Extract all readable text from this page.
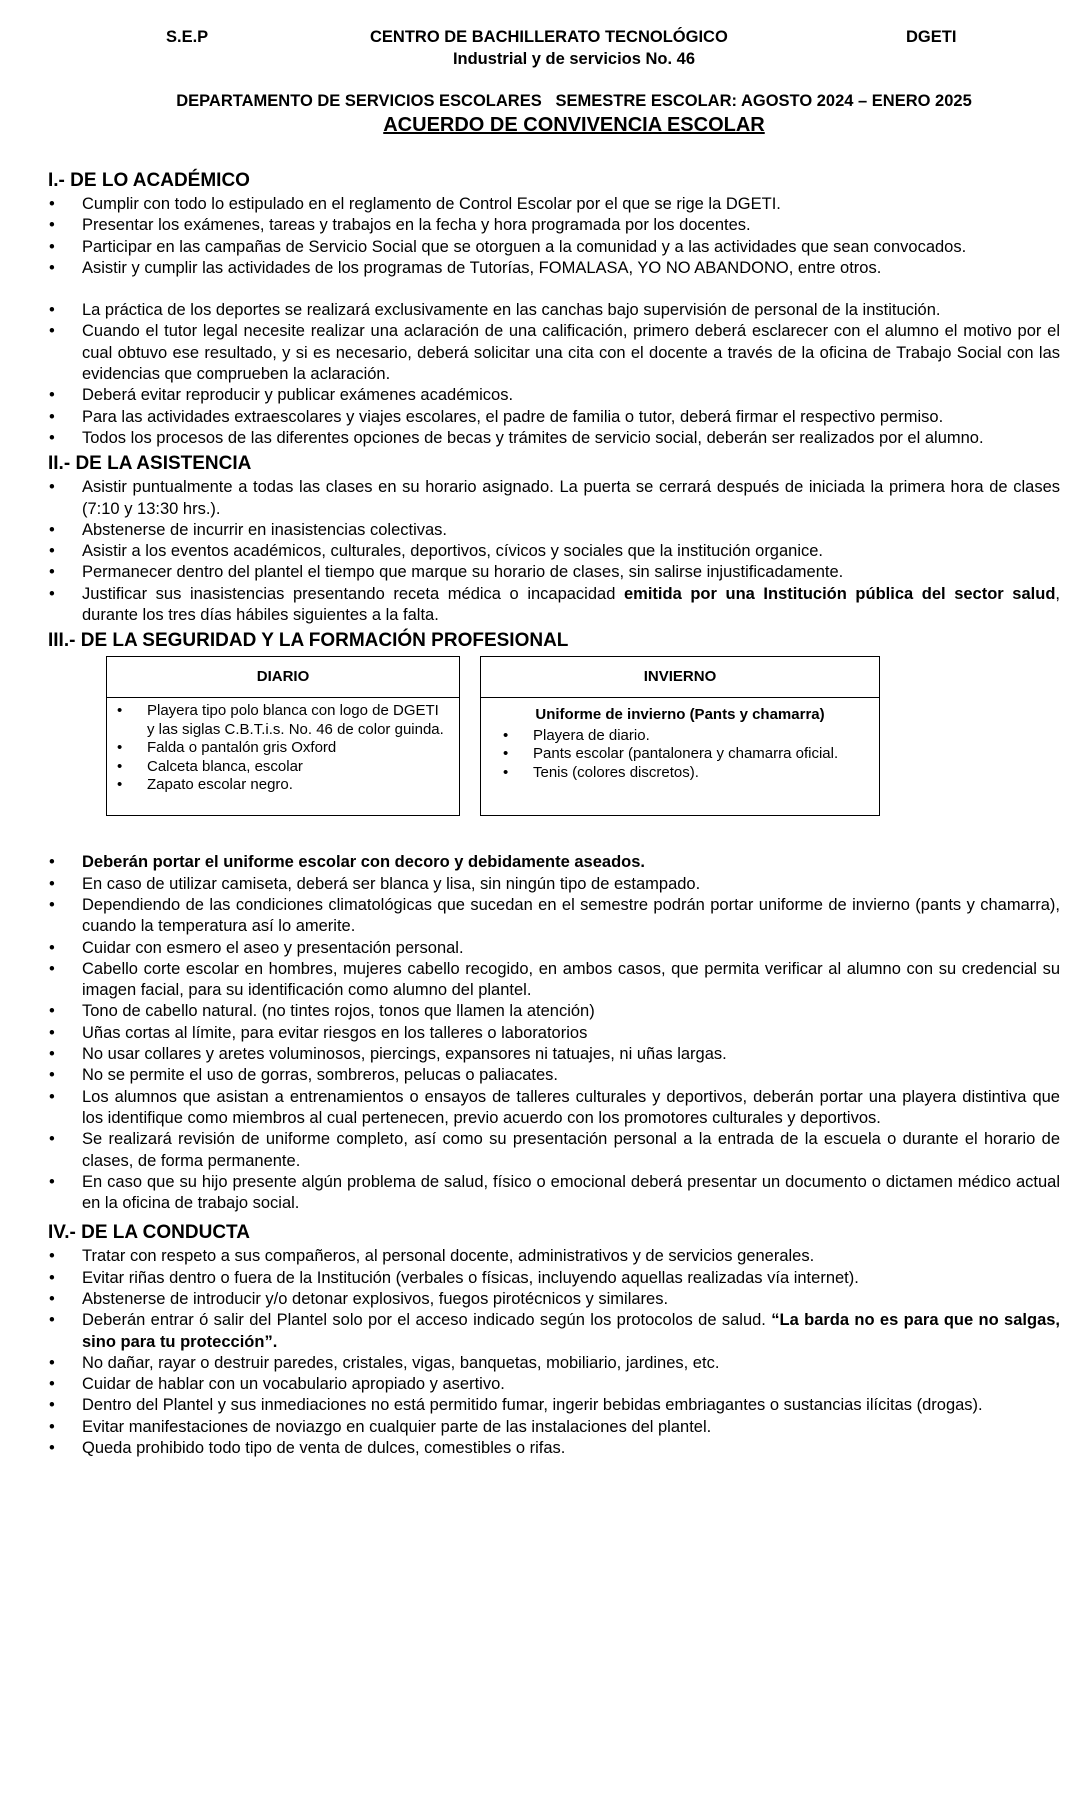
S.E.P	CENTRO DE BACHILLERATO TECNOLÓGICO	DGETI
Industrial y de servicios No. 46
DEPARTAMENTO DE SERVICIOS ESCOLARES   SEMESTRE ESCOLAR: AGOSTO 2024 – ENERO 2025
ACUERDO DE CONVIVENCIA ESCOLAR
I.- DE LO ACADÉMICO
• Cumplir con todo lo estipulado en el reglamento de Control Escolar por el que se rige la DGETI.
• Presentar los exámenes, tareas y trabajos en la fecha y hora programada por los docentes.
• Participar en las campañas de Servicio Social que se otorguen a la comunidad y a las actividades que sean convocados.
• Asistir y cumplir las actividades de los programas de Tutorías, FOMALASA, YO NO ABANDONO, entre otros.
• La práctica de los deportes se realizará exclusivamente en las canchas bajo supervisión de personal de la institución.
• Cuando el tutor legal necesite realizar una aclaración de una calificación, primero deberá esclarecer con el alumno el motivo por el cual obtuvo ese resultado, y si es necesario, deberá solicitar una cita con el docente a través de la oficina de Trabajo Social con las evidencias que comprueben la aclaración.
• Deberá evitar reproducir y publicar exámenes académicos.
• Para las actividades extraescolares y viajes escolares, el padre de familia o tutor, deberá firmar el respectivo permiso.
• Todos los procesos de las diferentes opciones de becas y trámites de servicio social, deberán ser realizados por el alumno.
II.- DE LA ASISTENCIA
• Asistir puntualmente a todas las clases en su horario asignado. La puerta se cerrará después de iniciada la primera hora de clases (7:10 y 13:30 hrs.).
• Abstenerse de incurrir en inasistencias colectivas.
• Asistir a los eventos académicos, culturales, deportivos, cívicos y sociales que la institución organice.
• Permanecer dentro del plantel el tiempo que marque su horario de clases, sin salirse injustificadamente.
• Justificar sus inasistencias presentando receta médica o incapacidad emitida por una Institución pública del sector salud, durante los tres días hábiles siguientes a la falta.
III.- DE LA SEGURIDAD Y LA FORMACIÓN PROFESIONAL
DIARIO
• Playera tipo polo blanca con logo de DGETI y las siglas C.B.T.i.s. No. 46 de color guinda.
• Falda o pantalón gris Oxford
• Calceta blanca, escolar
• Zapato escolar negro.
INVIERNO
Uniforme de invierno (Pants y chamarra)
• Playera de diario.
• Pants escolar (pantalonera y chamarra oficial.
• Tenis (colores discretos).
• Deberán portar el uniforme escolar con decoro y debidamente aseados.
• En caso de utilizar camiseta, deberá ser blanca y lisa, sin ningún tipo de estampado.
• Dependiendo de las condiciones climatológicas que sucedan en el semestre podrán portar uniforme de invierno (pants y chamarra), cuando la temperatura así lo amerite.
• Cuidar con esmero el aseo y presentación personal.
• Cabello corte escolar en hombres, mujeres cabello recogido, en ambos casos, que permita verificar al alumno con su credencial su imagen facial, para su identificación como alumno del plantel.
• Tono de cabello natural. (no tintes rojos, tonos que llamen la atención)
• Uñas cortas al límite, para evitar riesgos en los talleres o laboratorios
• No usar collares y aretes voluminosos, piercings, expansores ni tatuajes, ni uñas largas.
• No se permite el uso de gorras, sombreros, pelucas o paliacates.
• Los alumnos que asistan a entrenamientos o ensayos de talleres culturales y deportivos, deberán portar una playera distintiva que los identifique como miembros al cual pertenecen, previo acuerdo con los promotores culturales y deportivos.
• Se realizará revisión de uniforme completo, así como su presentación personal a la entrada de la escuela o durante el horario de clases, de forma permanente.
• En caso que su hijo presente algún problema de salud, físico o emocional deberá presentar un documento o dictamen médico actual en la oficina de trabajo social.
IV.- DE LA CONDUCTA
• Tratar con respeto a sus compañeros, al personal docente, administrativos y de servicios generales.
• Evitar riñas dentro o fuera de la Institución (verbales o físicas, incluyendo aquellas realizadas vía internet).
• Abstenerse de introducir y/o detonar explosivos, fuegos pirotécnicos y similares.
• Deberán entrar ó salir del Plantel solo por el acceso indicado según los protocolos de salud. “La barda no es para que no salgas, sino para tu protección”.
• No dañar, rayar o destruir paredes, cristales, vigas, banquetas, mobiliario, jardines, etc.
• Cuidar de hablar con un vocabulario apropiado y asertivo.
• Dentro del Plantel y sus inmediaciones no está permitido fumar, ingerir bebidas embriagantes o sustancias ilícitas (drogas).
• Evitar manifestaciones de noviazgo en cualquier parte de las instalaciones del plantel.
• Queda prohibido todo tipo de venta de dulces, comestibles o rifas.
